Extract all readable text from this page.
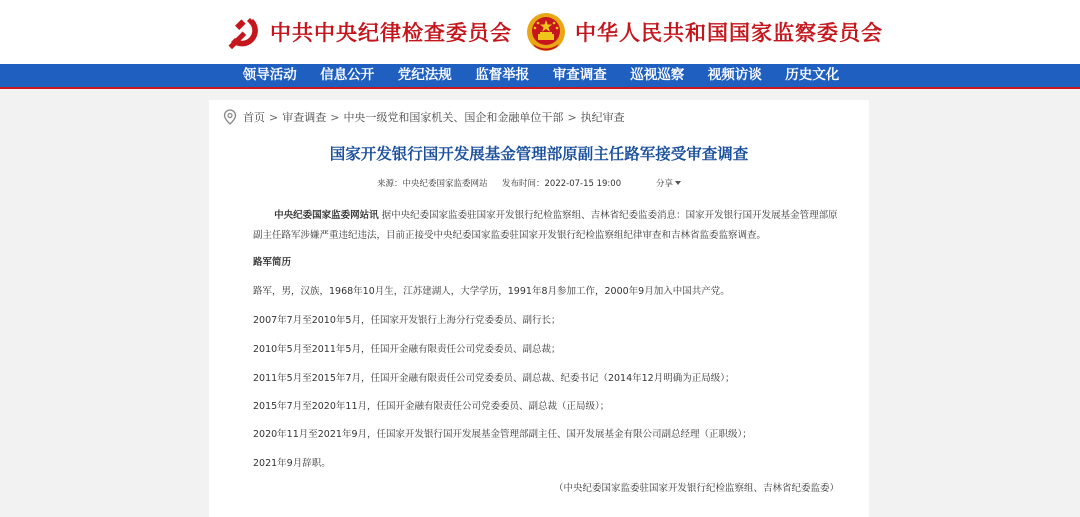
中共中央纪律检查委员会	中华人民共和国国家监察委员会
领导活动	信息公开	党纪法规	监督举报	审查调查	巡视巡察	视频访谈	历史文化
首页 > 审查调查 > 中央一级党和国家机关、国企和金融单位干部 > 执纪审查
国家开发银行国开发展基金管理部原副主任路军接受审查调查
来源：中央纪委国家监委网站 发布时间：2022-07-15 19:00	分享
中央纪委国家监委网站讯 据中央纪委国家监委驻国家开发银行纪检监察组、吉林省纪委监委消息：国家开发银行国开发展基金管理部原副主任路军涉嫌严重违纪违法，目前正接受中央纪委国家监委驻国家开发银行纪检监察组纪律审查和吉林省监委监察调查。
路军简历
路军，男，汉族，1968年10月生，江苏建湖人，大学学历，1991年8月参加工作，2000年9月加入中国共产党。
2007年7月至2010年5月，任国家开发银行上海分行党委委员、副行长；
2010年5月至2011年5月，任国开金融有限责任公司党委委员、副总裁；
2011年5月至2015年7月，任国开金融有限责任公司党委委员、副总裁、纪委书记（2014年12月明确为正局级）；
2015年7月至2020年11月，任国开金融有限责任公司党委委员、副总裁（正局级）；
2020年11月至2021年9月，任国家开发银行国开发展基金管理部副主任、国开发展基金有限公司副总经理（正职级）；
2021年9月辞职。
（中央纪委国家监委驻国家开发银行纪检监察组、吉林省纪委监委）
